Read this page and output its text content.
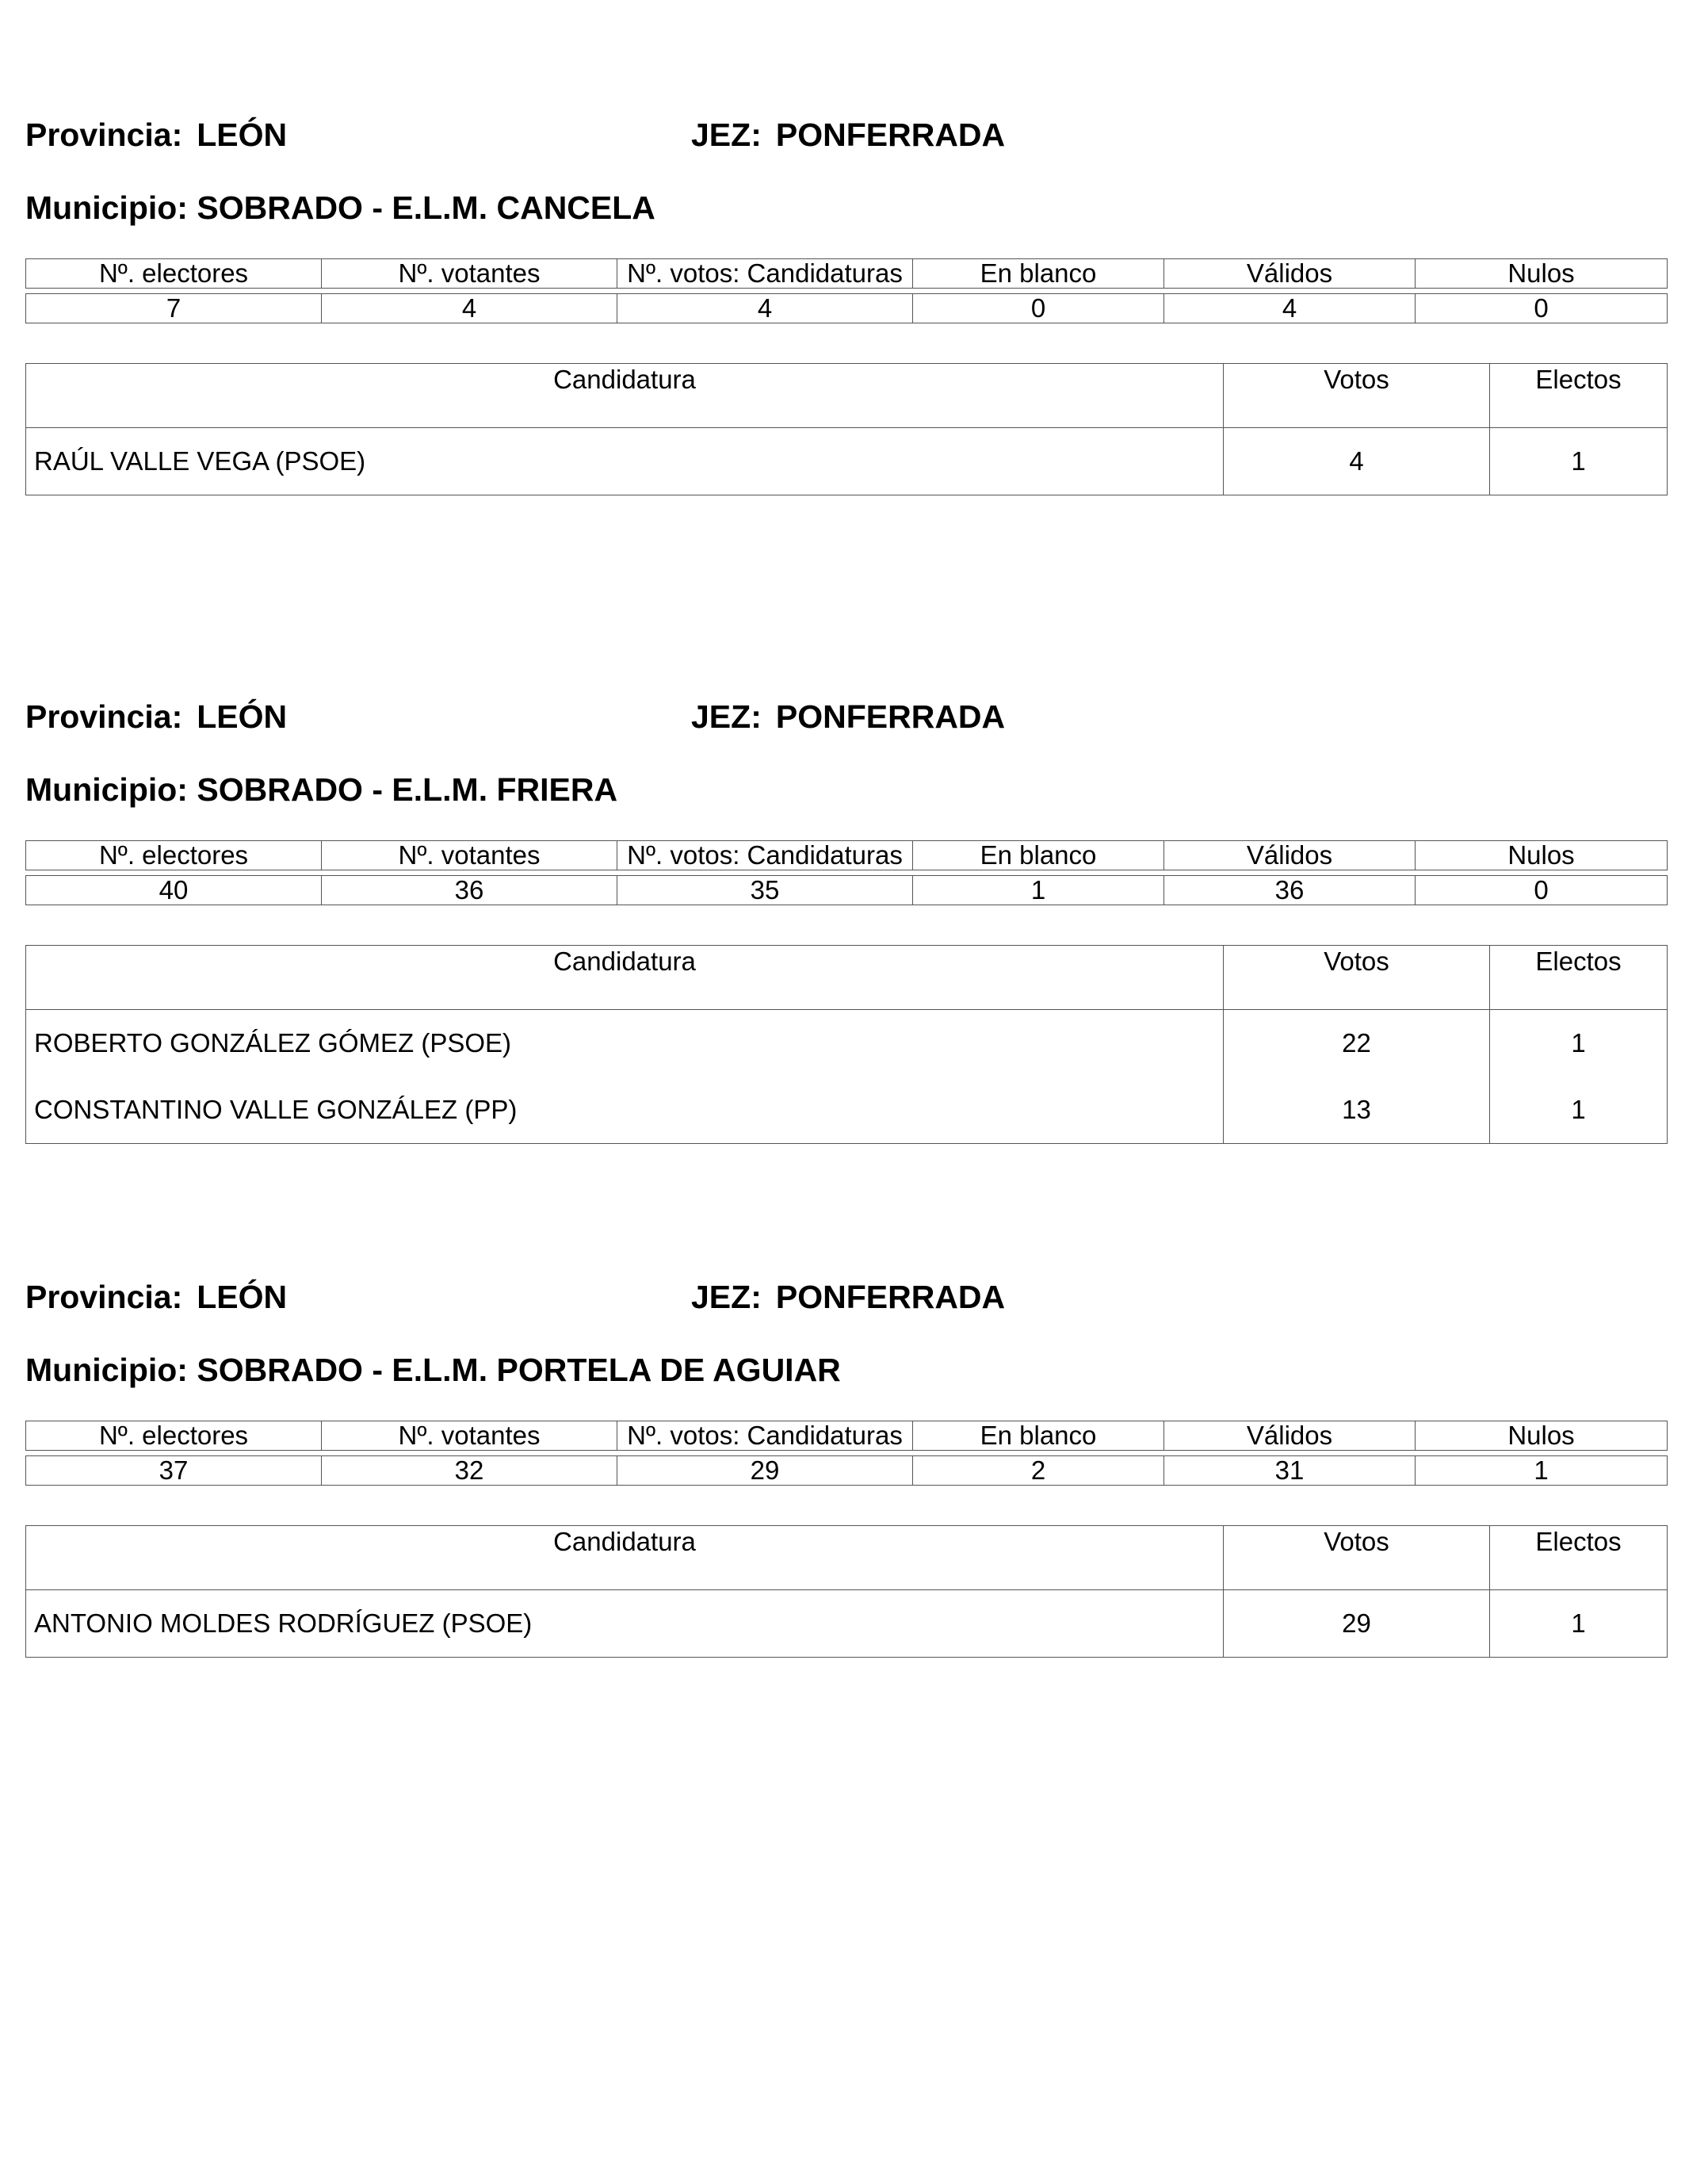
Provincia: LEÓN	JEZ: PONFERRADA
Municipio: SOBRADO - E.L.M. CANCELA
Nº. electores	Nº. votantes	Nº. votos: Candidaturas	En blanco	Válidos	Nulos
7	4	4	0	4	0
Candidatura	Votos	Electos
RAÚL VALLE VEGA (PSOE)	4	1
Provincia: LEÓN	JEZ: PONFERRADA
Municipio: SOBRADO - E.L.M. FRIERA
Nº. electores	Nº. votantes	Nº. votos: Candidaturas	En blanco	Válidos	Nulos
40	36	35	1	36	0
Candidatura	Votos	Electos
ROBERTO GONZÁLEZ GÓMEZ (PSOE)	22	1
CONSTANTINO VALLE GONZÁLEZ (PP)	13	1
Provincia: LEÓN	JEZ: PONFERRADA
Municipio: SOBRADO - E.L.M. PORTELA DE AGUIAR
Nº. electores	Nº. votantes	Nº. votos: Candidaturas	En blanco	Válidos	Nulos
37	32	29	2	31	1
Candidatura	Votos	Electos
ANTONIO MOLDES RODRÍGUEZ (PSOE)	29	1
